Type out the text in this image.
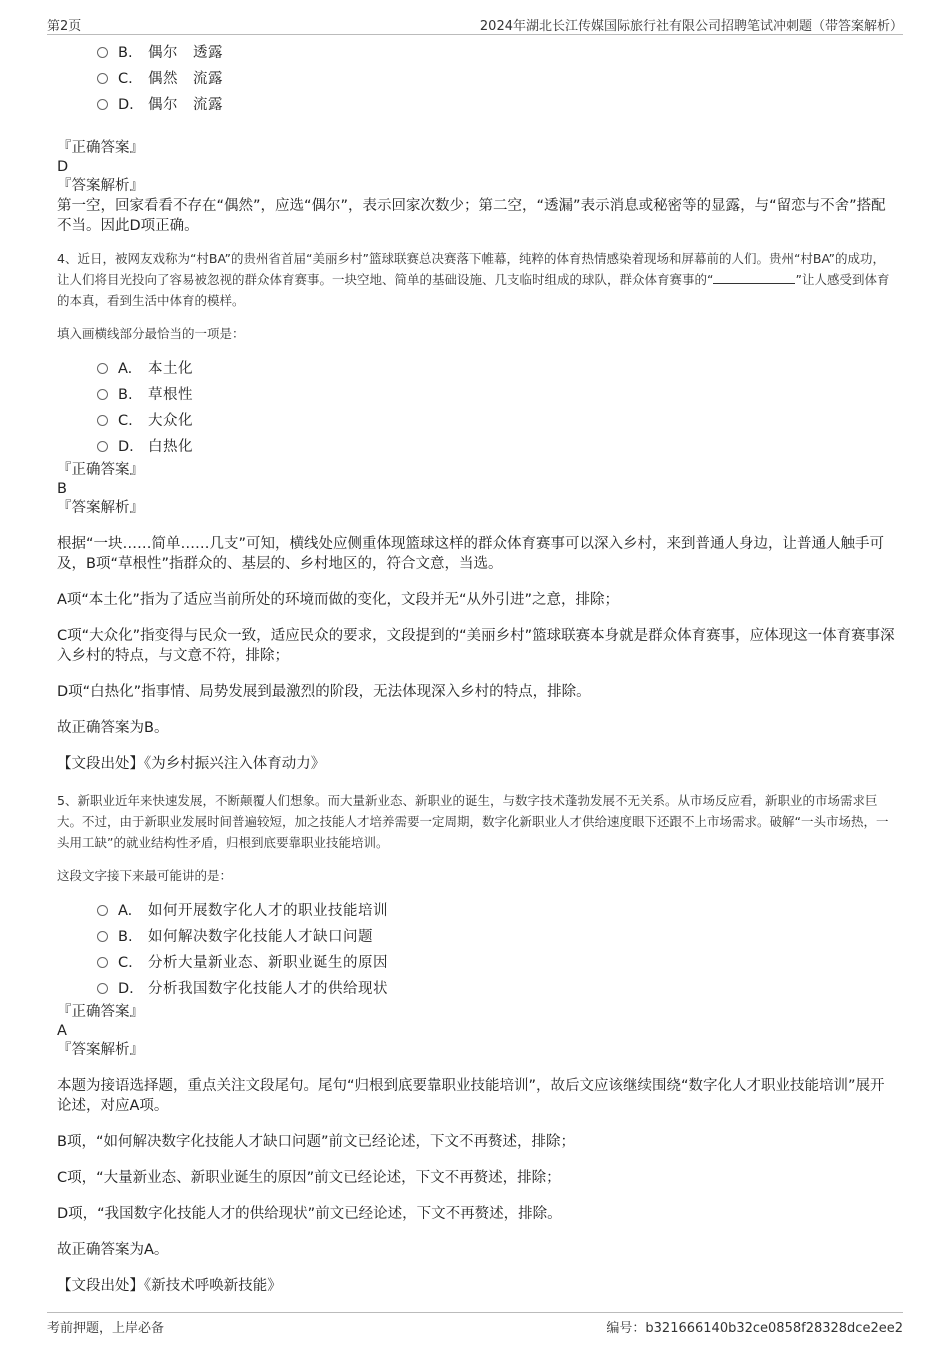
第2页	2024年湖北长江传媒国际旅行社有限公司招聘笔试冲刺题（带答案解析）
B. 偶尔　透露
C. 偶然　流露
D. 偶尔　流露
『正确答案』
D
『答案解析』
第一空，回家看看不存在“偶然”，应选“偶尔”，表示回家次数少；第二空，“透漏”表示消息或秘密等的显露，与“留恋与不舍”搭配不当。因此D项正确。
4、近日，被网友戏称为“村BA”的贵州省首届“美丽乡村”篮球联赛总决赛落下帷幕，纯粹的体育热情感染着现场和屏幕前的人们。贵州“村BA”的成功，让人们将目光投向了容易被忽视的群众体育赛事。一块空地、简单的基础设施、几支临时组成的球队，群众体育赛事的“	”让人感受到体育的本真，看到生活中体育的模样。
填入画横线部分最恰当的一项是：
A. 本土化
B. 草根性
C. 大众化
D. 白热化
『正确答案』
B
『答案解析』
根据“一块……简单……几支”可知，横线处应侧重体现篮球这样的群众体育赛事可以深入乡村，来到普通人身边，让普通人触手可及，B项“草根性”指群众的、基层的、乡村地区的，符合文意，当选。
A项“本土化”指为了适应当前所处的环境而做的变化，文段并无“从外引进”之意，排除；
C项“大众化”指变得与民众一致，适应民众的要求，文段提到的“美丽乡村”篮球联赛本身就是群众体育赛事，应体现这一体育赛事深入乡村的特点，与文意不符，排除；
D项“白热化”指事情、局势发展到最激烈的阶段，无法体现深入乡村的特点，排除。
故正确答案为B。
【文段出处】《为乡村振兴注入体育动力》
5、新职业近年来快速发展，不断颠覆人们想象。而大量新业态、新职业的诞生，与数字技术蓬勃发展不无关系。从市场反应看，新职业的市场需求巨大。不过，由于新职业发展时间普遍较短，加之技能人才培养需要一定周期，数字化新职业人才供给速度眼下还跟不上市场需求。破解“一头市场热，一头用工缺”的就业结构性矛盾，归根到底要靠职业技能培训。
这段文字接下来最可能讲的是：
A. 如何开展数字化人才的职业技能培训
B. 如何解决数字化技能人才缺口问题
C. 分析大量新业态、新职业诞生的原因
D. 分析我国数字化技能人才的供给现状
『正确答案』
A
『答案解析』
本题为接语选择题，重点关注文段尾句。尾句“归根到底要靠职业技能培训”，故后文应该继续围绕“数字化人才职业技能培训”展开论述，对应A项。
B项，“如何解决数字化技能人才缺口问题”前文已经论述，下文不再赘述，排除；
C项，“大量新业态、新职业诞生的原因”前文已经论述，下文不再赘述，排除；
D项，“我国数字化技能人才的供给现状”前文已经论述，下文不再赘述，排除。
故正确答案为A。
【文段出处】《新技术呼唤新技能》
考前押题，上岸必备	编号：b321666140b32ce0858f28328dce2ee2
